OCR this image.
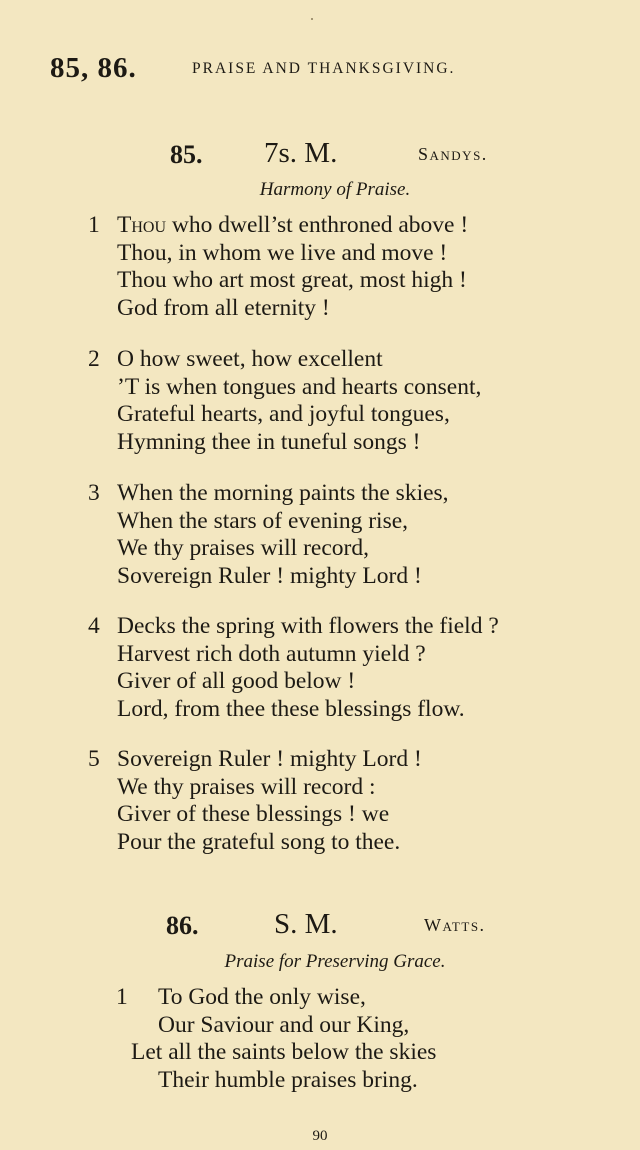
85, 86.	PRAISE AND THANKSGIVING.
85. 7s. M.	Sandys.
Harmony of Praise.
1 Thou who dwell’st enthroned above !
Thou, in whom we live and move !
Thou who art most great, most high !
God from all eternity !
2 O how sweet, how excellent
’T is when tongues and hearts consent,
Grateful hearts, and joyful tongues,
Hymning thee in tuneful songs !
3 When the morning paints the skies,
When the stars of evening rise,
We thy praises will record,
Sovereign Ruler ! mighty Lord !
4 Decks the spring with flowers the field ?
Harvest rich doth autumn yield ?
Giver of all good below !
Lord, from thee these blessings flow.
5 Sovereign Ruler ! mighty Lord !
We thy praises will record :
Giver of these blessings ! we
Pour the grateful song to thee.
86.	S. M.	Watts.
Praise for Preserving Grace.
1	To God the only wise,
Our Saviour and our King,
Let all the saints below the skies
Their humble praises bring.
90
